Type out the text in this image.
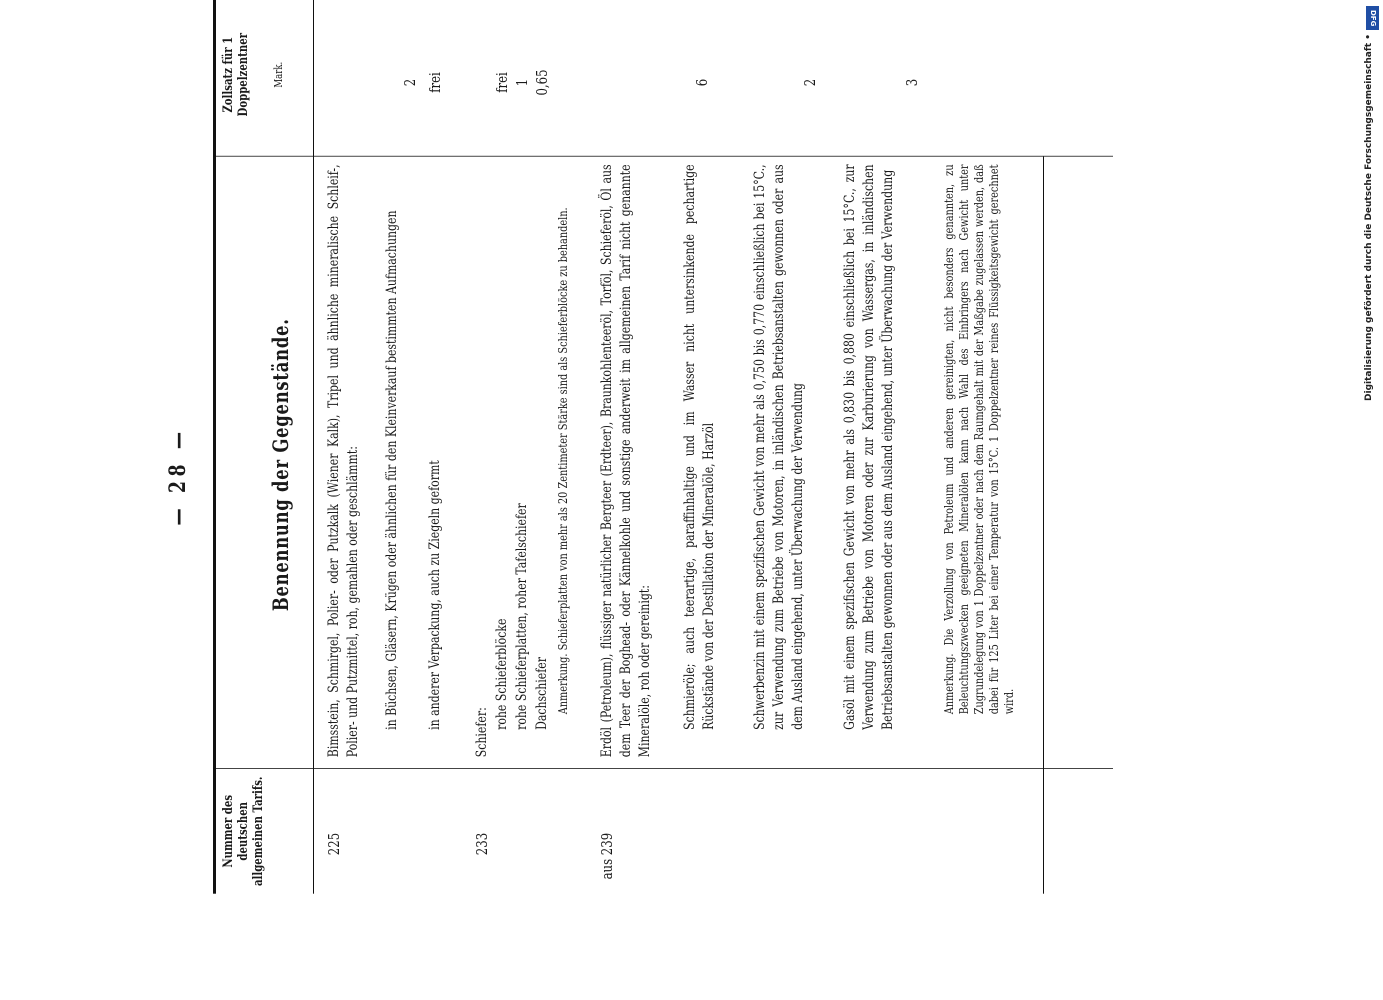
— 28 —
Nummer des deutschen allgemeinen Tarifs.
Benennung der Gegenstände.
Zollsatz für 1 Doppelzentner Mark.
225
Bimsstein, Schmirgel, Polier- oder Putzkalk (Wiener Kalk), Tripel und ähnliche mineralische Schleif-, Polier- und Putzmittel, roh, gemahlen oder geschlämmt: in Büchsen, Gläsern, Krügen oder ähnlichen für den Kleinverkauf bestimmten Aufmachungen
2
in anderer Verpackung, auch zu Ziegeln geformt
frei
233
Schiefer:
rohe Schieferblöcke
frei
rohe Schieferplatten, roher Tafelschiefer
1
Dachschiefer
0,65
Anmerkung. Schieferplatten von mehr als 20 Zentimeter Stärke sind als Schieferblöcke zu behandeln.
aus 239
Erdöl (Petroleum), flüssiger natürlicher Bergteer (Erdteer), Braunkohlenteeröl, Torföl, Schieferöl, Öl aus dem Teer der Boghead- oder Kännelkohle und sonstige anderweit im allgemeinen Tarif nicht genannte Mineralöle, roh oder gereinigt: Schmieröle; auch teerartige, paraffinhaltige und im Wasser nicht untersinkende pechartige Rückstände von der Destillation der Mineralöle, Harzöl
6
Schwerbenzin mit einem spezifischen Gewicht von mehr als 0,750 bis 0,770 einschließlich bei 15°C., zur Verwendung zum Betriebe von Motoren, in inländischen Betriebsanstalten gewonnen oder aus dem Ausland eingehend, unter Überwachung der Verwendung
2
Gasöl mit einem spezifischen Gewicht von mehr als 0,830 bis 0,880 einschließlich bei 15°C., zur Verwendung zum Betriebe von Motoren oder zur Karburierung von Wassergas, in inländischen Betriebsanstalten gewonnen oder aus dem Ausland eingehend, unter Überwachung der Verwendung
3
Anmerkung. Die Verzollung von Petroleum und anderen gereinigten, nicht besonders genannten, zu Beleuchtungszwecken geeigneten Mineralölen kann nach Wahl des Einbringers nach Gewicht unter Zugrundelegung von 1 Doppelzentner oder nach dem Raumgehalt mit der Maßgabe zugelassen werden, daß dabei für 125 Liter bei einer Temperatur von 15°C. 1 Doppelzentner reines Flüssigkeitsgewicht gerechnet wird.
DFG
Digitalisierung gefördert durch die Deutsche Forschungsgemeinschaft •
